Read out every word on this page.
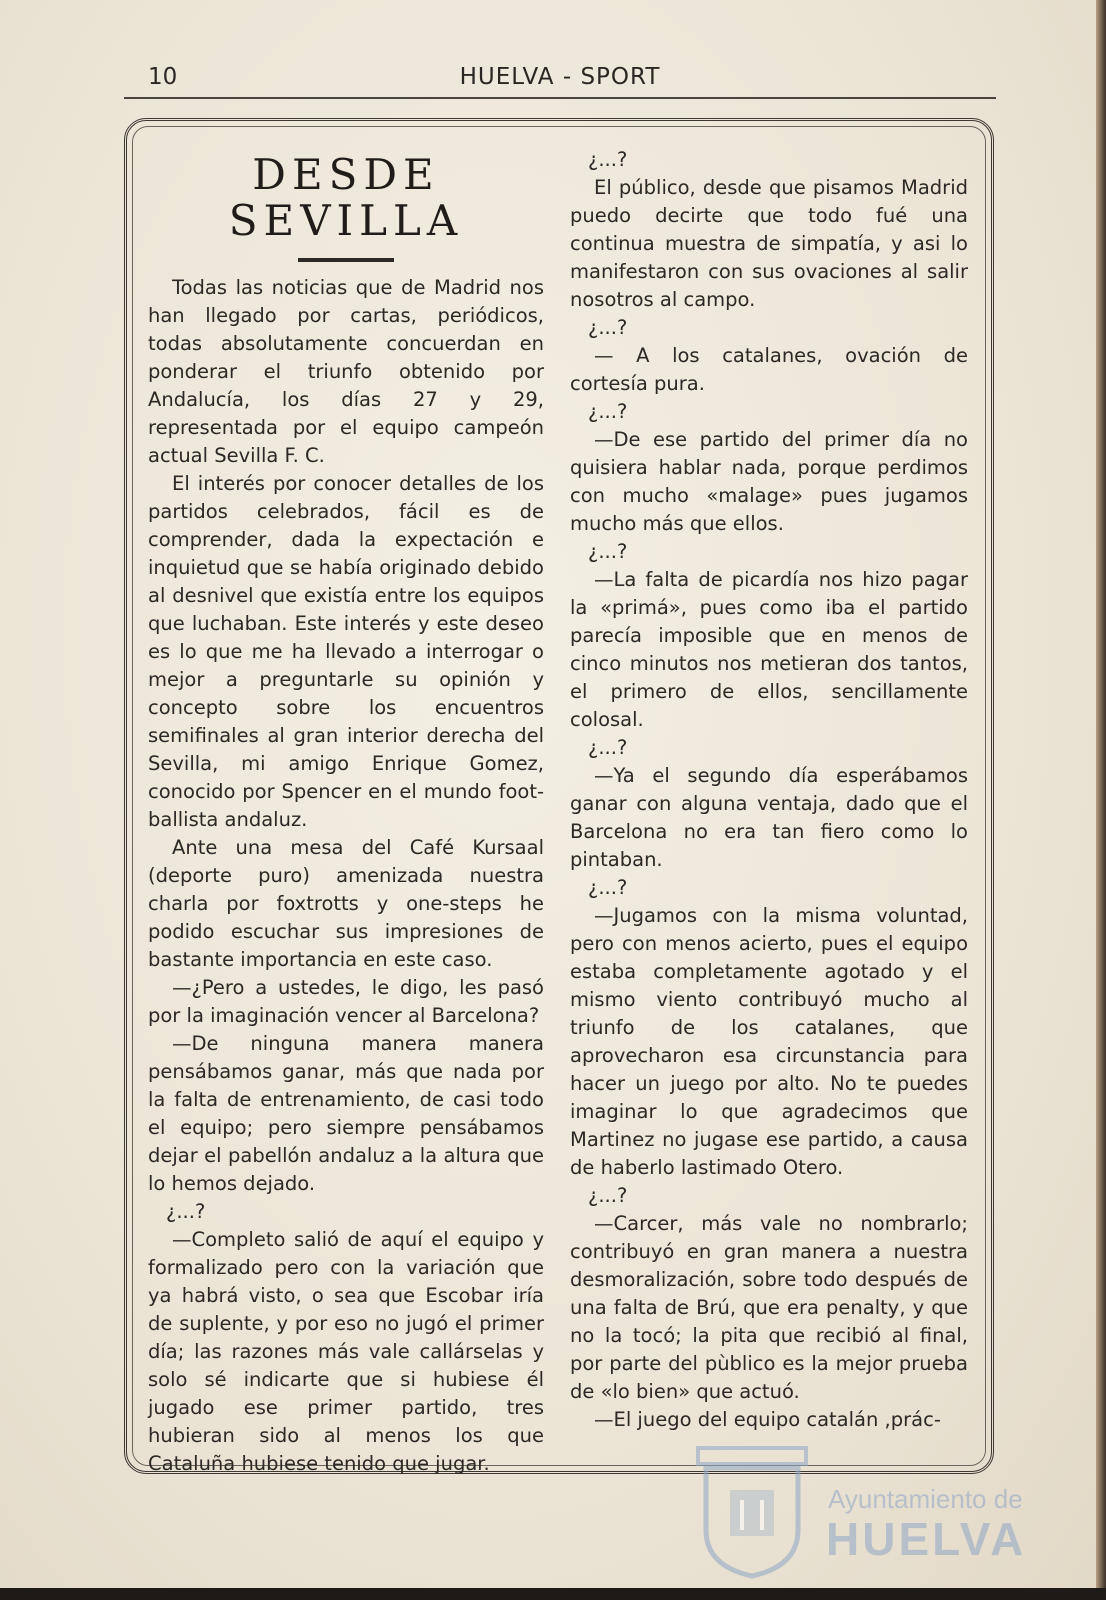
10	HUELVA - SPORT
DESDE SEVILLA

Todas las noticias que de Madrid nos han llegado por cartas, periódicos, todas absolutamente concuerdan en ponderar el triunfo obtenido por Andalucía, los días 27 y 29, representada por el equipo campeón actual Sevilla F. C.

El interés por conocer detalles de los partidos celebrados, fácil es de comprender, dada la expectación e inquietud que se había originado debido al desnivel que existía entre los equipos que luchaban. Este interés y este deseo es lo que me ha llevado a interrogar o mejor a preguntarle su opinión y concepto sobre los encuentros semifinales al gran interior derecha del Sevilla, mi amigo Enrique Gomez, conocido por Spencer en el mundo foot-ballista andaluz.

Ante una mesa del Café Kursaal (deporte puro) amenizada nuestra charla por foxtrotts y one-steps he podido escuchar sus impresiones de bastante importancia en este caso.

—¿Pero a ustedes, le digo, les pasó por la imaginación vencer al Barcelona?

—De ninguna manera manera pensábamos ganar, más que nada por la falta de entrenamiento, de casi todo el equipo; pero siempre pensábamos dejar el pabellón andaluz a la altura que lo hemos dejado.

¿...?

—Completo salió de aquí el equipo y formalizado pero con la variación que ya habrá visto, o sea que Escobar iría de suplente, y por eso no jugó el primer día; las razones más vale callárselas y solo sé indicarte que si hubiese él jugado ese primer partido, tres hubieran sido al menos los que Cataluña hubiese tenido que jugar.

¿...?

El público, desde que pisamos Madrid puedo decirte que todo fué una continua muestra de simpatía, y asi lo manifestaron con sus ovaciones al salir nosotros al campo.

¿...?

— A los catalanes, ovación de cortesía pura.

¿...?

—De ese partido del primer día no quisiera hablar nada, porque perdimos con mucho «malage» pues jugamos mucho más que ellos.

¿...?

—La falta de picardía nos hizo pagar la «primá», pues como iba el partido parecía imposible que en menos de cinco minutos nos metieran dos tantos, el primero de ellos, sencillamente colosal.

¿...?

—Ya el segundo día esperábamos ganar con alguna ventaja, dado que el Barcelona no era tan fiero como lo pintaban.

¿...?

—Jugamos con la misma voluntad, pero con menos acierto, pues el equipo estaba completamente agotado y el mismo viento contribuyó mucho al triunfo de los catalanes, que aprovecharon esa circunstancia para hacer un juego por alto. No te puedes imaginar lo que agradecimos que Martinez no jugase ese partido, a causa de haberlo lastimado Otero.

¿...?

—Carcer, más vale no nombrarlo; contribuyó en gran manera a nuestra desmoralización, sobre todo después de una falta de Brú, que era penalty, y que no la tocó; la pita que recibió al final, por parte del pùblico es la mejor prueba de «lo bien» que actuó.

—El juego del equipo catalán ,prác-

Ayuntamiento de
HUELVA
